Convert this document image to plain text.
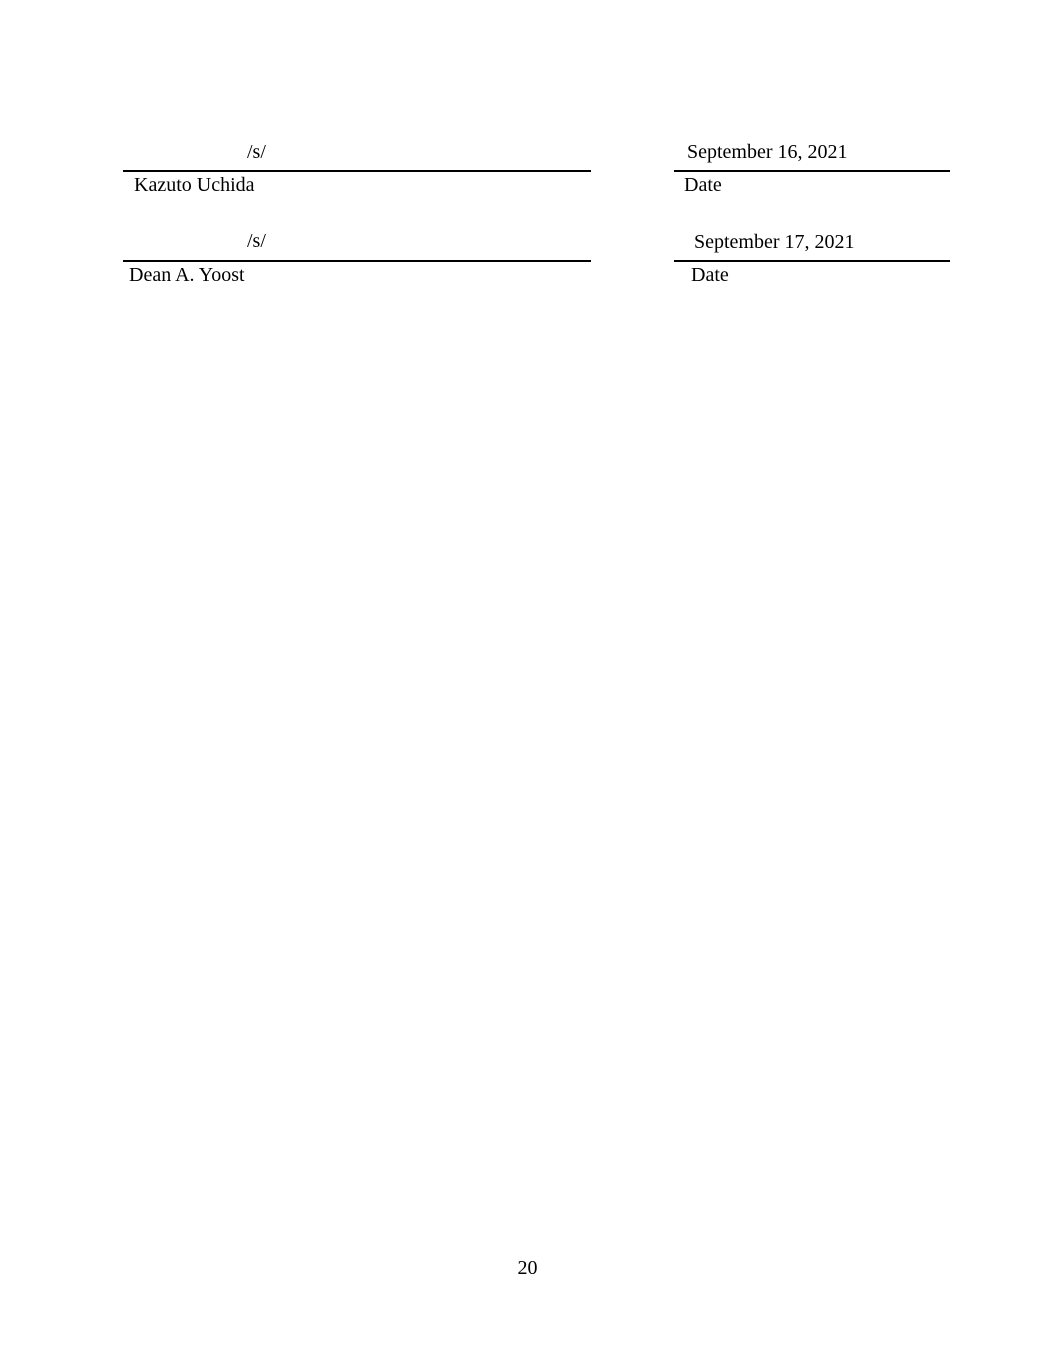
/s/
Kazuto Uchida
September 16, 2021
Date
/s/
Dean A. Yoost
September 17, 2021
Date
20
